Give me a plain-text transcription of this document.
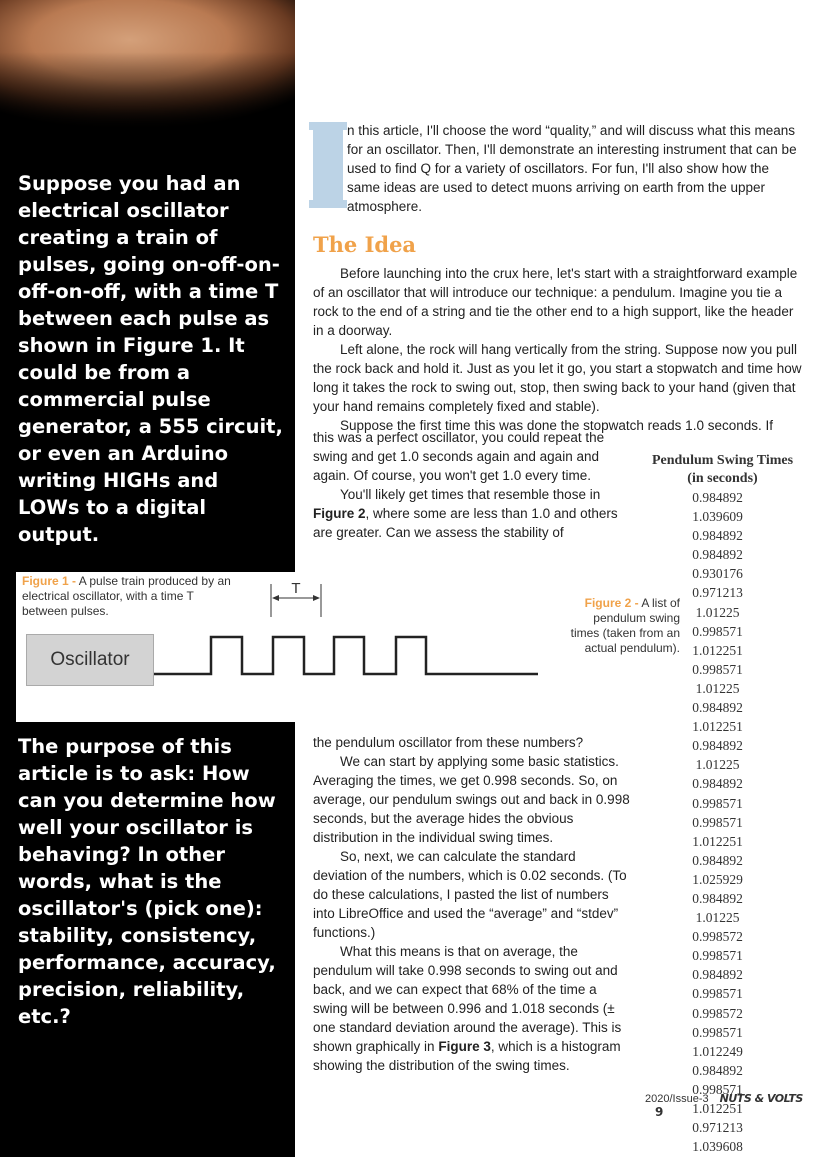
Suppose you had an electrical oscillator creating a train of pulses, going on-off-on-off-on-off, with a time T between each pulse as shown in Figure 1. It could be from a commercial pulse generator, a 555 circuit, or even an Arduino writing HIGHs and LOWs to a digital output.
The purpose of this article is to ask: How can you determine how well your oscillator is behaving? In other words, what is the oscillator's (pick one): stability, consistency, performance, accuracy, precision, reliability, etc.?
Figure 1 - A pulse train produced by an electrical oscillator, with a time T between pulses.
T
Oscillator
n this article, I'll choose the word “quality,” and will discuss what this means for an oscillator. Then, I'll demonstrate an interesting instrument that can be used to find Q for a variety of oscillators. For fun, I'll also show how the same ideas are used to detect muons arriving on earth from the upper atmosphere.
The Idea

Before launching into the crux here, let's start with a straightforward example of an oscillator that will introduce our technique: a pendulum. Imagine you tie a rock to the end of a string and tie the other end to a high support, like the header in a doorway.

Left alone, the rock will hang vertically from the string. Suppose now you pull the rock back and hold it. Just as you let it go, you start a stopwatch and time how long it takes the rock to swing out, stop, then swing back to your hand (given that your hand remains completely fixed and stable).

Suppose the first time this was done the stopwatch reads 1.0 seconds. If

this was a perfect oscillator, you could repeat the swing and get 1.0 seconds again and again and again. Of course, you won't get 1.0 every time.

You'll likely get times that resemble those in Figure 2, where some are less than 1.0 and others are greater. Can we assess the stability of

the pendulum oscillator from these numbers?

We can start by applying some basic statistics. Averaging the times, we get 0.998 seconds. So, on average, our pendulum swings out and back in 0.998 seconds, but the average hides the obvious distribution in the individual swing times.

So, next, we can calculate the standard deviation of the numbers, which is 0.02 seconds. (To do these calculations, I pasted the list of numbers into LibreOffice and used the “average” and “stdev” functions.)

What this means is that on average, the pendulum will take 0.998 seconds to swing out and back, and we can expect that 68% of the time a swing will be between 0.996 and 1.018 seconds (± one standard deviation around the average). This is shown graphically in Figure 3, which is a histogram showing the distribution of the swing times.

Pendulum Swing Times
(in seconds)
0.984892
1.039609
0.984892
0.984892
0.930176
0.971213
1.01225
0.998571
1.012251
0.998571
1.01225
0.984892
1.012251
0.984892
1.01225
0.984892
0.998571
0.998571
1.012251
0.984892
1.025929
0.984892
1.01225
0.998572
0.998571
0.984892
0.998571
0.998572
0.998571
1.012249
0.984892
0.998571
1.012251
0.971213
1.039608
Figure 2 - A list of pendulum swing times (taken from an actual pendulum).
2020/Issue-3 NUTS & VOLTS 9
